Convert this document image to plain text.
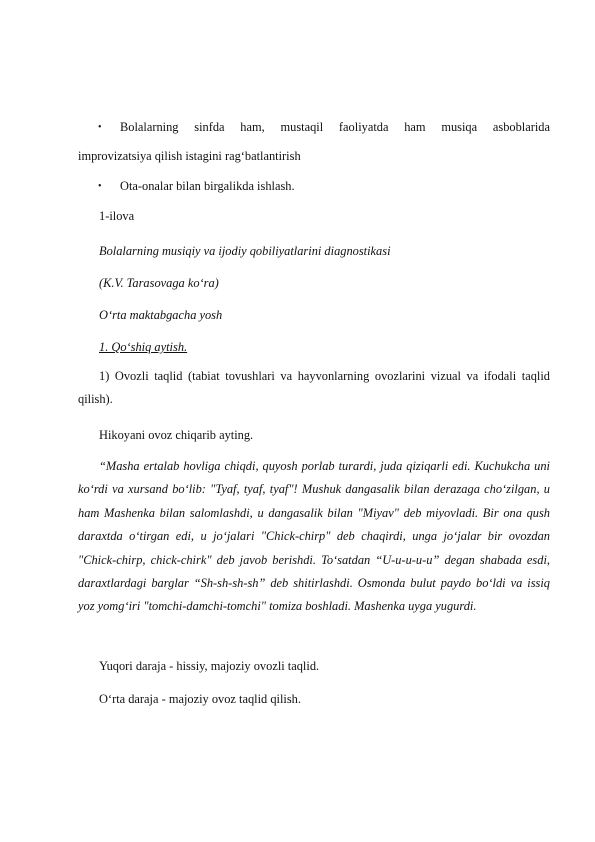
•	Bolalarning sinfda ham, mustaqil faoliyatda ham musiqa asboblarida
improvizatsiya qilish istagini rag‘batlantirish
•	Ota-onalar bilan birgalikda ishlash.
1-ilova
Bolalarning musiqiy va ijodiy qobiliyatlarini diagnostikasi
(K.V. Tarasovaga ko‘ra)
O‘rta maktabgacha yosh
1. Qo‘shiq aytish.
1) Ovozli taqlid (tabiat tovushlari va hayvonlarning ovozlarini vizual va ifodali taqlid qilish).
Hikoyani ovoz chiqarib ayting.
“Masha ertalab hovliga chiqdi, quyosh porlab turardi, juda qiziqarli edi. Kuchukcha uni ko‘rdi va xursand bo‘lib: "Tyaf, tyaf, tyaf"! Mushuk dangasalik bilan derazaga cho‘zilgan, u ham Mashenka bilan salomlashdi, u dangasalik bilan "Miyav" deb miyovladi. Bir ona qush daraxtda o‘tirgan edi, u jo‘jalari "Chick-chirp" deb chaqirdi, unga jo‘jalar bir ovozdan "Chick-chirp, chick-chirk" deb javob berishdi. To‘satdan “U-u-u-u-u” degan shabada esdi, daraxtlardagi barglar “Sh-sh-sh-sh” deb shitirlashdi. Osmonda bulut paydo bo‘ldi va issiq yoz yomg‘iri "tomchi-damchi-tomchi" tomiza boshladi. Mashenka uyga yugurdi.
Yuqori daraja - hissiy, majoziy ovozli taqlid.
O‘rta daraja - majoziy ovoz taqlid qilish.
